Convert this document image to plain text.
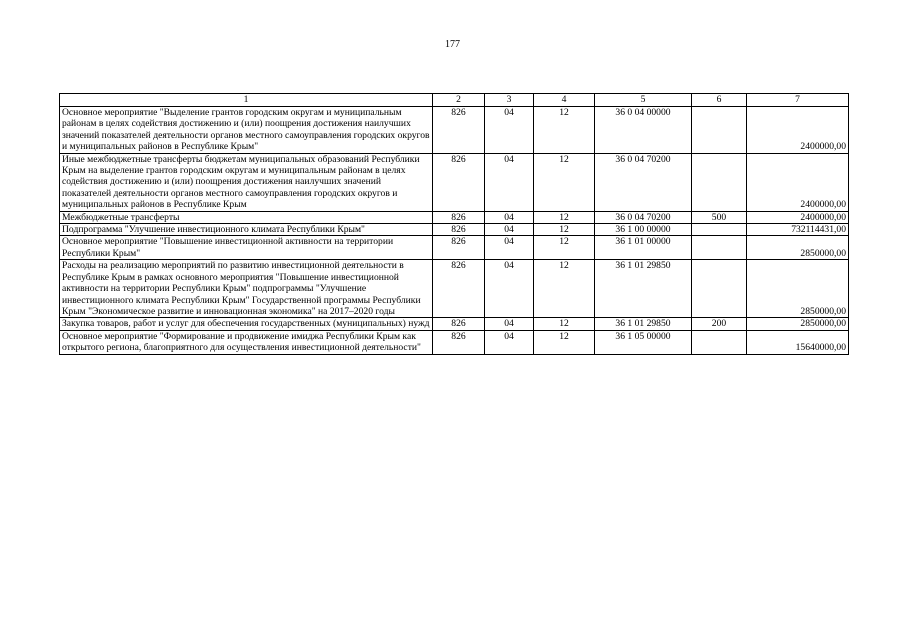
177
1	2	3	4	5	6	7
Основное мероприятие "Выделение грантов городским округам и муниципальным районам в целях содействия достижению и (или) поощрения достижения наилучших значений показателей деятельности органов местного самоуправления городских округов и муниципальных районов в Республике Крым"	826	04	12	36 0 04 00000		2400000,00
Иные межбюджетные трансферты бюджетам муниципальных образований Республики Крым на выделение грантов городским округам и муниципальным районам в целях содействия достижению и (или) поощрения достижения наилучших значений показателей деятельности органов местного самоуправления городских округов и муниципальных районов в Республике Крым	826	04	12	36 0 04 70200		2400000,00
Межбюджетные трансферты	826	04	12	36 0 04 70200	500	2400000,00
Подпрограмма "Улучшение инвестиционного климата Республики Крым"	826	04	12	36 1 00 00000		732114431,00
Основное мероприятие "Повышение инвестиционной активности на территории Республики Крым"	826	04	12	36 1 01 00000		2850000,00
Расходы на реализацию мероприятий по развитию инвестиционной деятельности в Республике Крым в рамках основного мероприятия "Повышение инвестиционной активности на территории Республики Крым" подпрограммы "Улучшение инвестиционного климата Республики Крым" Государственной программы Республики Крым "Экономическое развитие и инновационная экономика" на 2017–2020 годы	826	04	12	36 1 01 29850		2850000,00
Закупка товаров, работ и услуг для обеспечения государственных (муниципальных) нужд	826	04	12	36 1 01 29850	200	2850000,00
Основное мероприятие "Формирование и продвижение имиджа Республики Крым как открытого региона, благоприятного для осуществления инвестиционной деятельности"	826	04	12	36 1 05 00000		15640000,00
